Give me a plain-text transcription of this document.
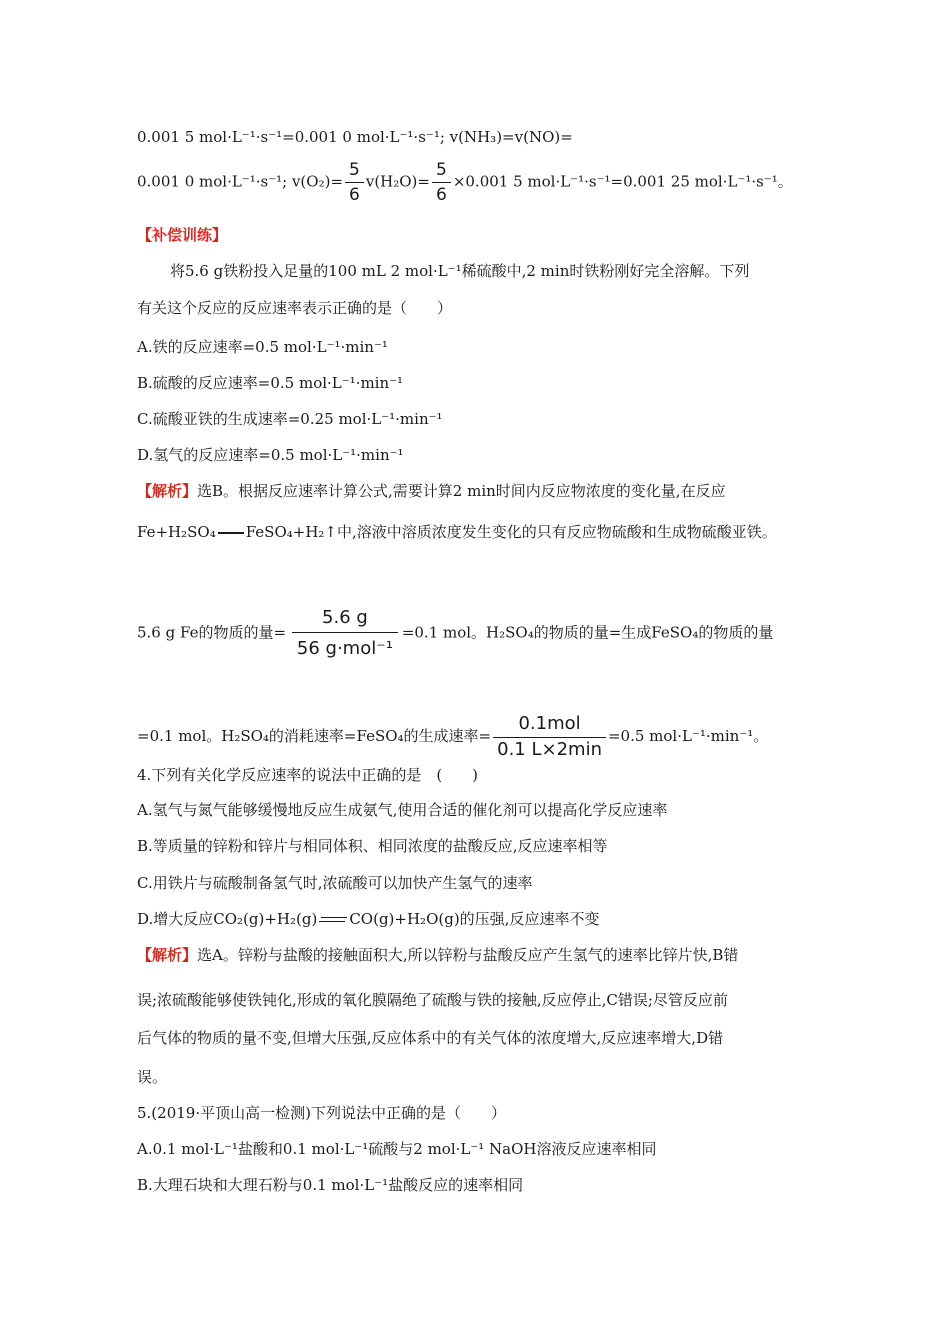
0.001 5 mol·L⁻¹·s⁻¹=0.001 0 mol·L⁻¹·s⁻¹; v(NH₃)=v(NO)=
0.001 0 mol·L⁻¹·s⁻¹; $v(O_2)= \frac{5}{6} v(H_2O)= \frac{5}{6} \times 0.001$ 5 mol·L⁻¹·s⁻¹=0.001 25 mol·L⁻¹·s⁻¹。
【补偿训练】
将5.6 g铁粉投入足量的100 mL 2 mol·L⁻¹稀硫酸中,2 min时铁粉刚好完全溶解。下列
有关这个反应的反应速率表示正确的是（　　）
A.铁的反应速率=0.5 mol·L⁻¹·min⁻¹
B.硫酸的反应速率=0.5 mol·L⁻¹·min⁻¹
C.硫酸亚铁的生成速率=0.25 mol·L⁻¹·min⁻¹
D.氢气的反应速率=0.5 mol·L⁻¹·min⁻¹
【解析】选B。根据反应速率计算公式,需要计算2 min时间内反应物浓度的变化量,在反应
Fe+H₂SO₄ FeSO₄+H₂↑中,溶液中溶质浓度发生变化的只有反应物硫酸和生成物硫酸亚铁。
5.6 g Fe的物质的量= $\frac{5.6 g}{\text{56 g·mol⁻¹}} =0.1$ mol。H₂SO₄的物质的量=生成FeSO₄的物质的量
=0.1 mol。H₂SO₄的消耗速率=FeSO₄的生成速率= $\frac{\text{0.1mol}}{0.1 L\times 2\min} =0.5$ mol·L⁻¹·min⁻¹。
4.下列有关化学反应速率的说法中正确的是　(　　)
A.氢气与氮气能够缓慢地反应生成氨气,使用合适的催化剂可以提高化学反应速率
B.等质量的锌粉和锌片与相同体积、相同浓度的盐酸反应,反应速率相等
C.用铁片与硫酸制备氢气时,浓硫酸可以加快产生氢气的速率
D.增大反应CO₂(g)+H₂(g) CO(g)+H₂O(g)的压强,反应速率不变
【解析】选A。锌粉与盐酸的接触面积大,所以锌粉与盐酸反应产生氢气的速率比锌片快,B错
误;浓硫酸能够使铁钝化,形成的氧化膜隔绝了硫酸与铁的接触,反应停止,C错误;尽管反应前
后气体的物质的量不变,但增大压强,反应体系中的有关气体的浓度增大,反应速率增大,D错
误。
5.(2019·平顶山高一检测)下列说法中正确的是（　　）
A.0.1 mol·L⁻¹盐酸和0.1 mol·L⁻¹硫酸与2 mol·L⁻¹ NaOH溶液反应速率相同
B.大理石块和大理石粉与0.1 mol·L⁻¹盐酸反应的速率相同
